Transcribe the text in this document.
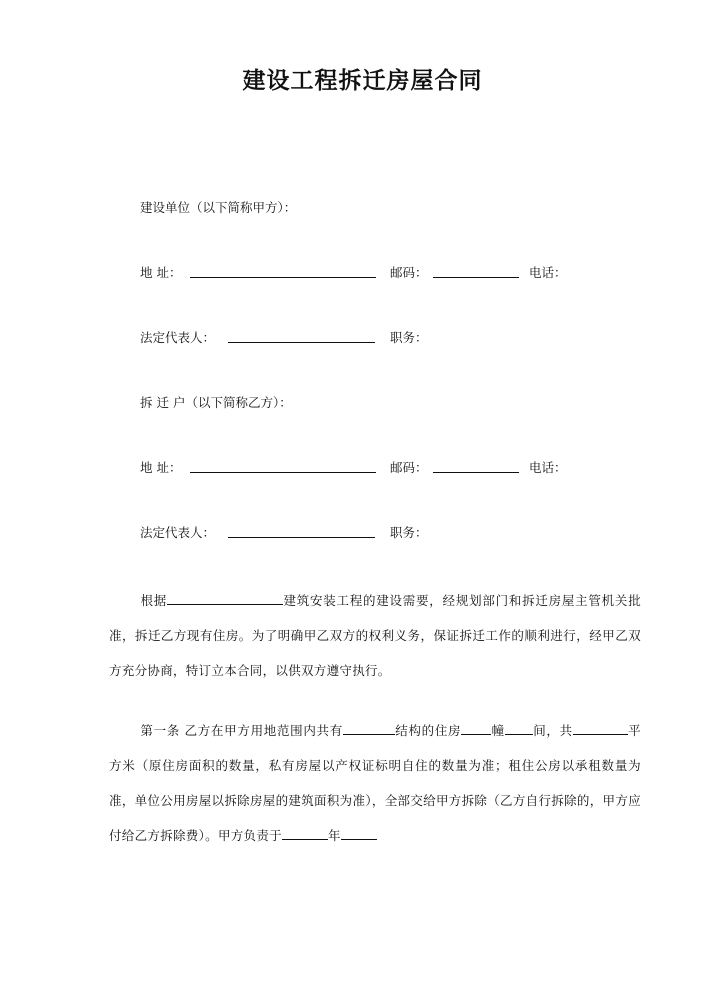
建设工程拆迁房屋合同
建设单位（以下简称甲方）：
地 址：	邮码：	电话：
法定代表人：	职务：
拆 迁 户（以下简称乙方）：
地 址：	邮码：	电话：
法定代表人：	职务：

根据	建筑安装工程的建设需要，经规划部门和拆迁房屋主管机关批准，拆迁乙方现有住房。为了明确甲乙双方的权利义务，保证拆迁工作的顺利进行，经甲乙双方充分协商，特订立本合同，以供双方遵守执行。

第一条 乙方在甲方用地范围内共有	结构的住房 幢 间，共	平方米（原住房面积的数量，私有房屋以产权证标明自住的数量为准；租住公房以承租数量为准，单位公用房屋以拆除房屋的建筑面积为准），全部交给甲方拆除（乙方自行拆除的，甲方应付给乙方拆除费）。甲方负责于	年
